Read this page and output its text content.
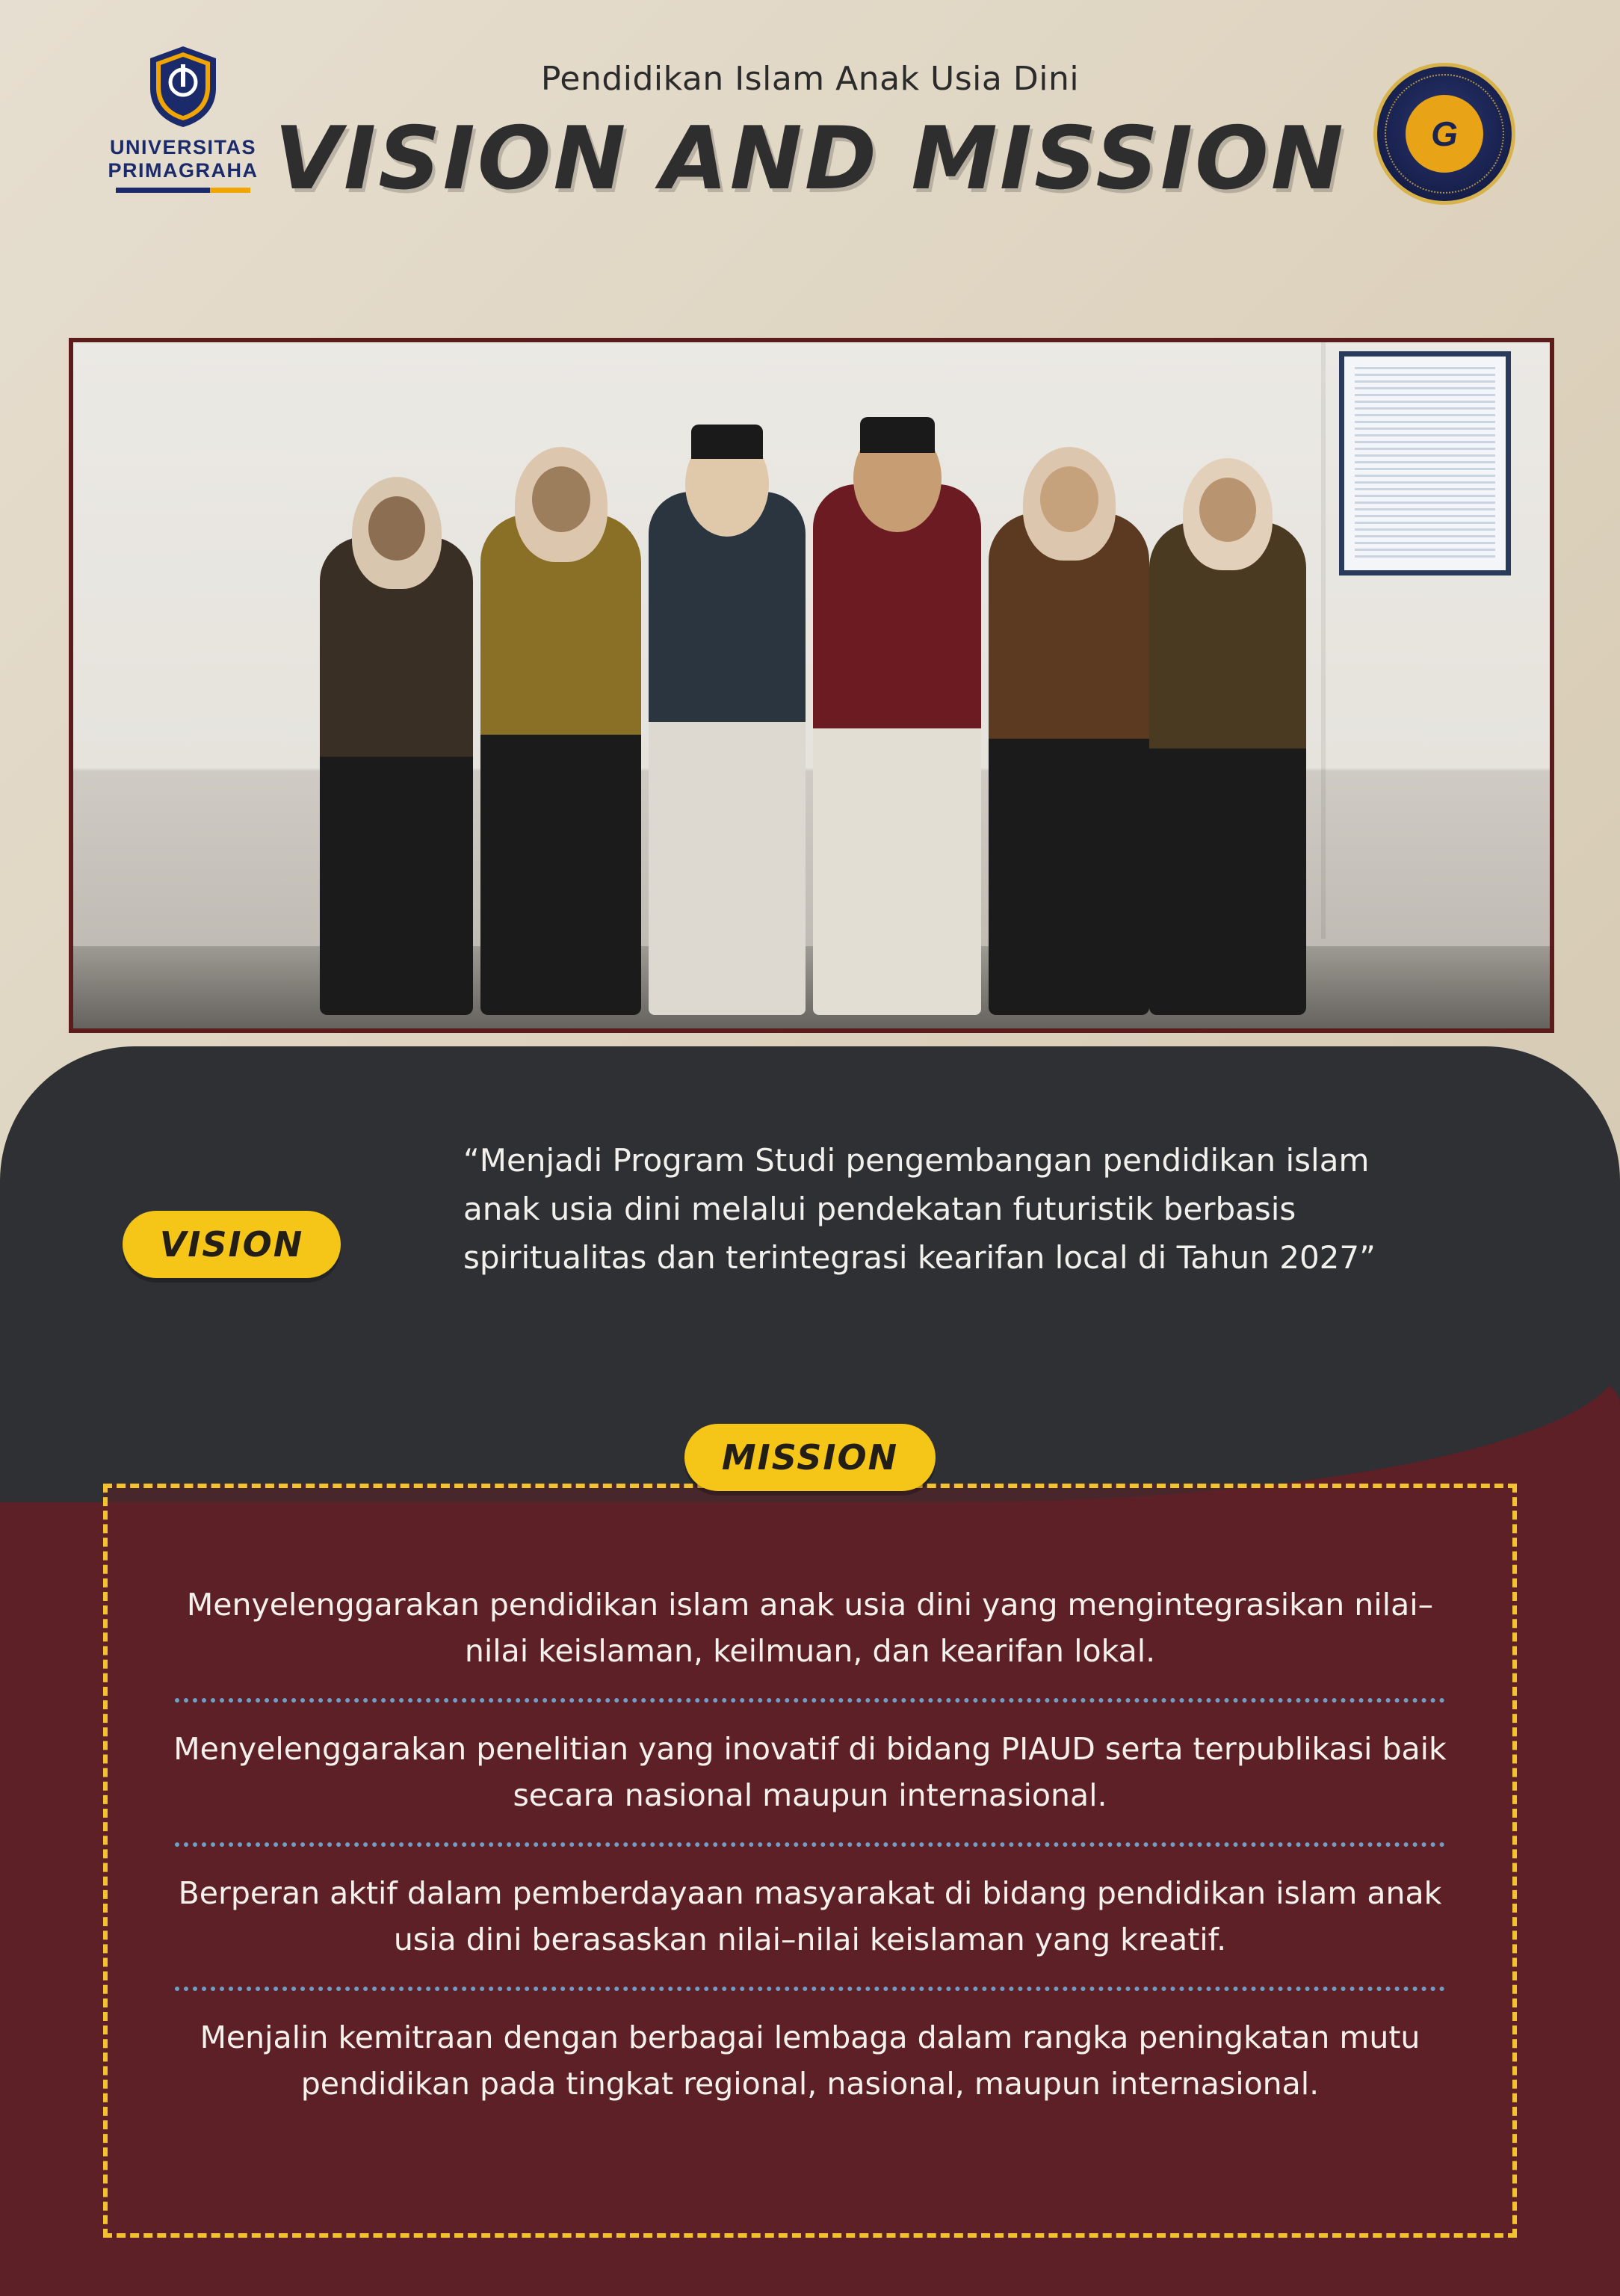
UNIVERSITAS
PRIMAGRAHA
Pendidikan Islam Anak Usia Dini
VISION AND MISSION	G
VISION
“Menjadi Program Studi pengembangan pendidikan islam anak usia dini melalui pendekatan futuristik berbasis spiritualitas dan terintegrasi kearifan local di Tahun 2027”
MISSION
Menyelenggarakan pendidikan islam anak usia dini yang mengintegrasikan nilai–nilai keislaman, keilmuan, dan kearifan lokal.
Menyelenggarakan penelitian yang inovatif di bidang PIAUD serta terpublikasi baik secara nasional maupun internasional.
Berperan aktif dalam pemberdayaan masyarakat di bidang pendidikan islam anak usia dini berasaskan nilai–nilai keislaman yang kreatif.
Menjalin kemitraan dengan berbagai lembaga dalam rangka peningkatan mutu pendidikan pada tingkat regional, nasional, maupun internasional.
